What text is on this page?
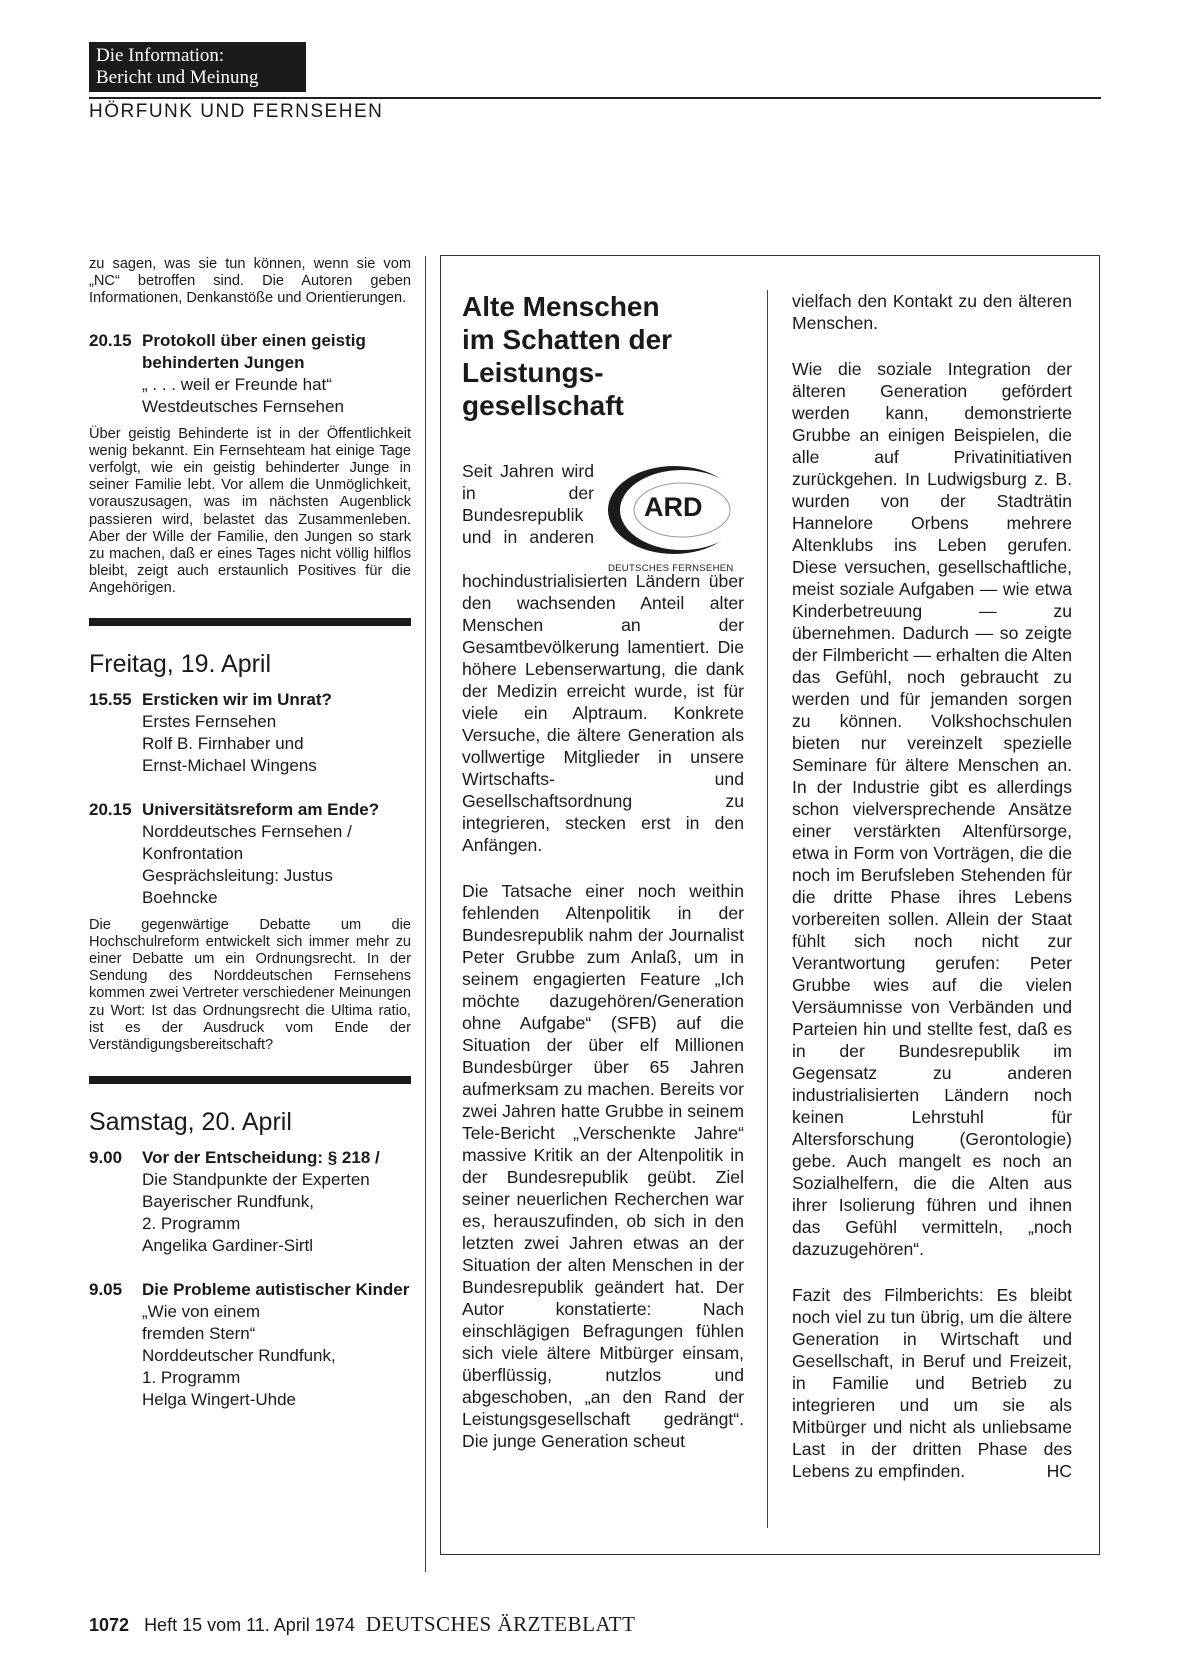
Die Information:
Bericht und Meinung
HÖRFUNK UND FERNSEHEN

zu sagen, was sie tun können, wenn sie vom „NC“ betroffen sind. Die Autoren geben Informationen, Denkanstöße und Orientierungen.

20.15 Protokoll über einen geistig behinderten Jungen
„ . . . weil er Freunde hat“
Westdeutsches Fernsehen

Über geistig Behinderte ist in der Öffentlichkeit wenig bekannt. Ein Fernsehteam hat einige Tage verfolgt, wie ein geistig behinderter Junge in seiner Familie lebt. Vor allem die Unmöglichkeit, vorauszusagen, was im nächsten Augenblick passieren wird, belastet das Zusammenleben. Aber der Wille der Familie, den Jungen so stark zu machen, daß er eines Tages nicht völlig hilflos bleibt, zeigt auch erstaunlich Positives für die Angehörigen.

Freitag, 19. April
15.55 Ersticken wir im Unrat?
Erstes Fernsehen
Rolf B. Firnhaber und
Ernst-Michael Wingens
20.15 Universitätsreform am Ende?
Norddeutsches Fernsehen /
Konfrontation
Gesprächsleitung: Justus
Boehncke

Die gegenwärtige Debatte um die Hochschulreform entwickelt sich immer mehr zu einer Debatte um ein Ordnungsrecht. In der Sendung des Norddeutschen Fernsehens kommen zwei Vertreter verschiedener Meinungen zu Wort: Ist das Ordnungsrecht die Ultima ratio, ist es der Ausdruck vom Ende der Verständigungsbereitschaft?

Samstag, 20. April
9.00	Vor der Entscheidung: § 218 /
Die Standpunkte der Experten
Bayerischer Rundfunk,
2. Programm
Angelika Gardiner-Sirtl
9.05	Die Probleme autistischer Kinder
„Wie von einem
fremden Stern“
Norddeutscher Rundfunk,
1. Programm
Helga Wingert-Uhde
Alte Menschen
im Schatten der
Leistungs-
gesellschaft

ARD
DEUTSCHES FERNSEHEN
Seit Jahren wird in der Bundesrepublik und in anderen hochindustrialisierten Ländern über den wachsenden Anteil alter Menschen an der Gesamtbevölkerung lamentiert. Die höhere Lebenserwartung, die dank der Medizin erreicht wurde, ist für viele ein Alptraum. Konkrete Versuche, die ältere Generation als vollwertige Mitglieder in unsere Wirtschafts- und Gesellschaftsordnung zu integrieren, stecken erst in den Anfängen.

Die Tatsache einer noch weithin fehlenden Altenpolitik in der Bundesrepublik nahm der Journalist Peter Grubbe zum Anlaß, um in seinem engagierten Feature „Ich möchte dazugehören/Generation ohne Aufgabe“ (SFB) auf die Situation der über elf Millionen Bundesbürger über 65 Jahren aufmerksam zu machen. Bereits vor zwei Jahren hatte Grubbe in seinem Tele-Bericht „Verschenkte Jahre“ massive Kritik an der Altenpolitik in der Bundesrepublik geübt. Ziel seiner neuerlichen Recherchen war es, herauszufinden, ob sich in den letzten zwei Jahren etwas an der Situation der alten Menschen in der Bundesrepublik geändert hat. Der Autor konstatierte: Nach einschlägigen Befragungen fühlen sich viele ältere Mitbürger einsam, überflüssig, nutzlos und abgeschoben, „an den Rand der Leistungsgesellschaft gedrängt“. Die junge Generation scheut

vielfach den Kontakt zu den älteren Menschen.

Wie die soziale Integration der älteren Generation gefördert werden kann, demonstrierte Grubbe an einigen Beispielen, die alle auf Privatinitiativen zurückgehen. In Ludwigsburg z. B. wurden von der Stadträtin Hannelore Orbens mehrere Altenklubs ins Leben gerufen. Diese versuchen, gesellschaftliche, meist soziale Aufgaben — wie etwa Kinderbetreuung — zu übernehmen. Dadurch — so zeigte der Filmbericht — erhalten die Alten das Gefühl, noch gebraucht zu werden und für jemanden sorgen zu können. Volkshochschulen bieten nur vereinzelt spezielle Seminare für ältere Menschen an. In der Industrie gibt es allerdings schon vielversprechende Ansätze einer verstärkten Altenfürsorge, etwa in Form von Vorträgen, die die noch im Berufsleben Stehenden für die dritte Phase ihres Lebens vorbereiten sollen. Allein der Staat fühlt sich noch nicht zur Verantwortung gerufen: Peter Grubbe wies auf die vielen Versäumnisse von Verbänden und Parteien hin und stellte fest, daß es in der Bundesrepublik im Gegensatz zu anderen industrialisierten Ländern noch keinen Lehrstuhl für Altersforschung (Gerontologie) gebe. Auch mangelt es noch an Sozialhelfern, die die Alten aus ihrer Isolierung führen und ihnen das Gefühl vermitteln, „noch dazuzugehören“.

Fazit des Filmberichts: Es bleibt noch viel zu tun übrig, um die ältere Generation in Wirtschaft und Gesellschaft, in Beruf und Freizeit, in Familie und Betrieb zu integrieren und um sie als Mitbürger und nicht als unliebsame Last in der dritten Phase des Lebens zu empfinden.	HC

1072 Heft 15 vom 11. April 1974 DEUTSCHES ÄRZTEBLATT
